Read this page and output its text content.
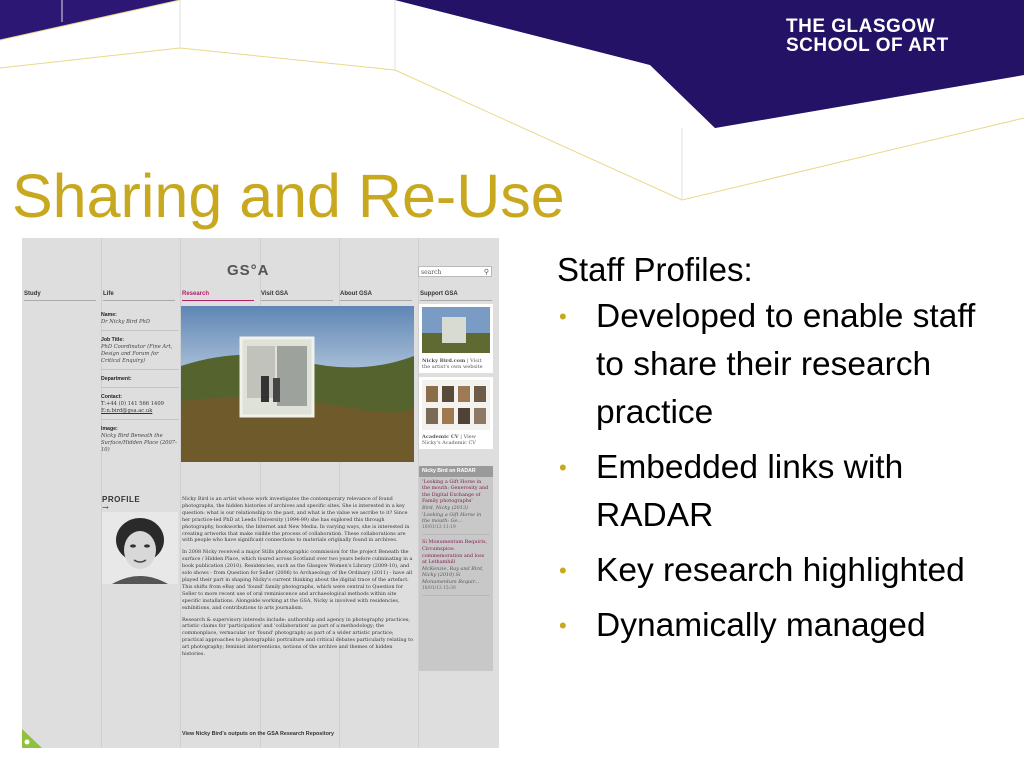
THE GLASGOW
SCHOOL OF ART
Sharing and Re-Use
GS°A	search	⚲
Study	Life	Research	Visit GSA	About GSA	Support GSA
Name:
Dr Nicky Bird PhD
Job Title:
PhD Coordinator (Fine Art, Design and Forum for Critical Enquiry)
Department:
Contact:
T:+44 (0) 141 566 1409
E:n.bird@gsa.ac.uk
Image:
Nicky Bird Beneath the Surface/Hidden Place (2007-10)
PROFILE
→

Nicky Bird is an artist whose work investigates the contemporary relevance of found photographs, the hidden histories of archives and specific sites. She is interested in a key question: what is our relationship to the past, and what is the value we ascribe to it? Since her practice-led PhD at Leeds University (1994-99) she has explored this through photography, bookworks, the Internet and New Media. In varying ways, she is interested in creating artworks that make visible the process of collaboration. These collaborations are with people who have significant connections to materials originally found in archives.

In 2008 Nicky received a major Stills photographic commission for the project Beneath the surface / Hidden Place, which toured across Scotland over two years before culminating in a book publication (2010). Residencies, such as the Glasgow Women's Library (2009-10), and solo shows - from Question for Seller (2006) to Archaeology of the Ordinary (2011) - have all played their part in shaping Nicky's current thinking about the digital trace of the artefact. This shifts from eBay and 'found' family photographs, which were central to Question for Seller to more recent use of oral reminiscence and archaeological methods within site specific installations. Alongside working at the GSA, Nicky is involved with residencies, exhibitions, and contributions to arts journalism.

Research & supervisory interests include: authorship and agency in photography practices; artistic claims for 'participation' and 'collaboration' as part of a methodology; the commonplace, vernacular (or 'found' photograph) as part of a wider artistic practice; practical approaches to photographic portraiture and critical debates particularly relating to art photography; feminist interventions, notions of the archive and themes of hidden histories.

View Nicky Bird's outputs on the GSA Research Repository
Nicky Bird.com | Visit the artist's own website
Academic CV | View Nicky's Academic CV
Nicky Bird on RADAR
'Looking a Gift Horse in the mouth: Generosity and the Digital Exchange of Family photographs'
Bird, Nicky (2013) 'Looking a Gift Horse in the mouth: Ge...
10/01/13 11:19
Si Monumentum Requiris, Circumspice: commemoration and loss at Lethamhill
McKenzie, Ray and Bird, Nicky (2010) Si Monumentum Requir...
18/01/13 15:30

Staff Profiles:

• Developed to enable staff to share their research practice
• Embedded links with RADAR
• Key research highlighted
• Dynamically managed
